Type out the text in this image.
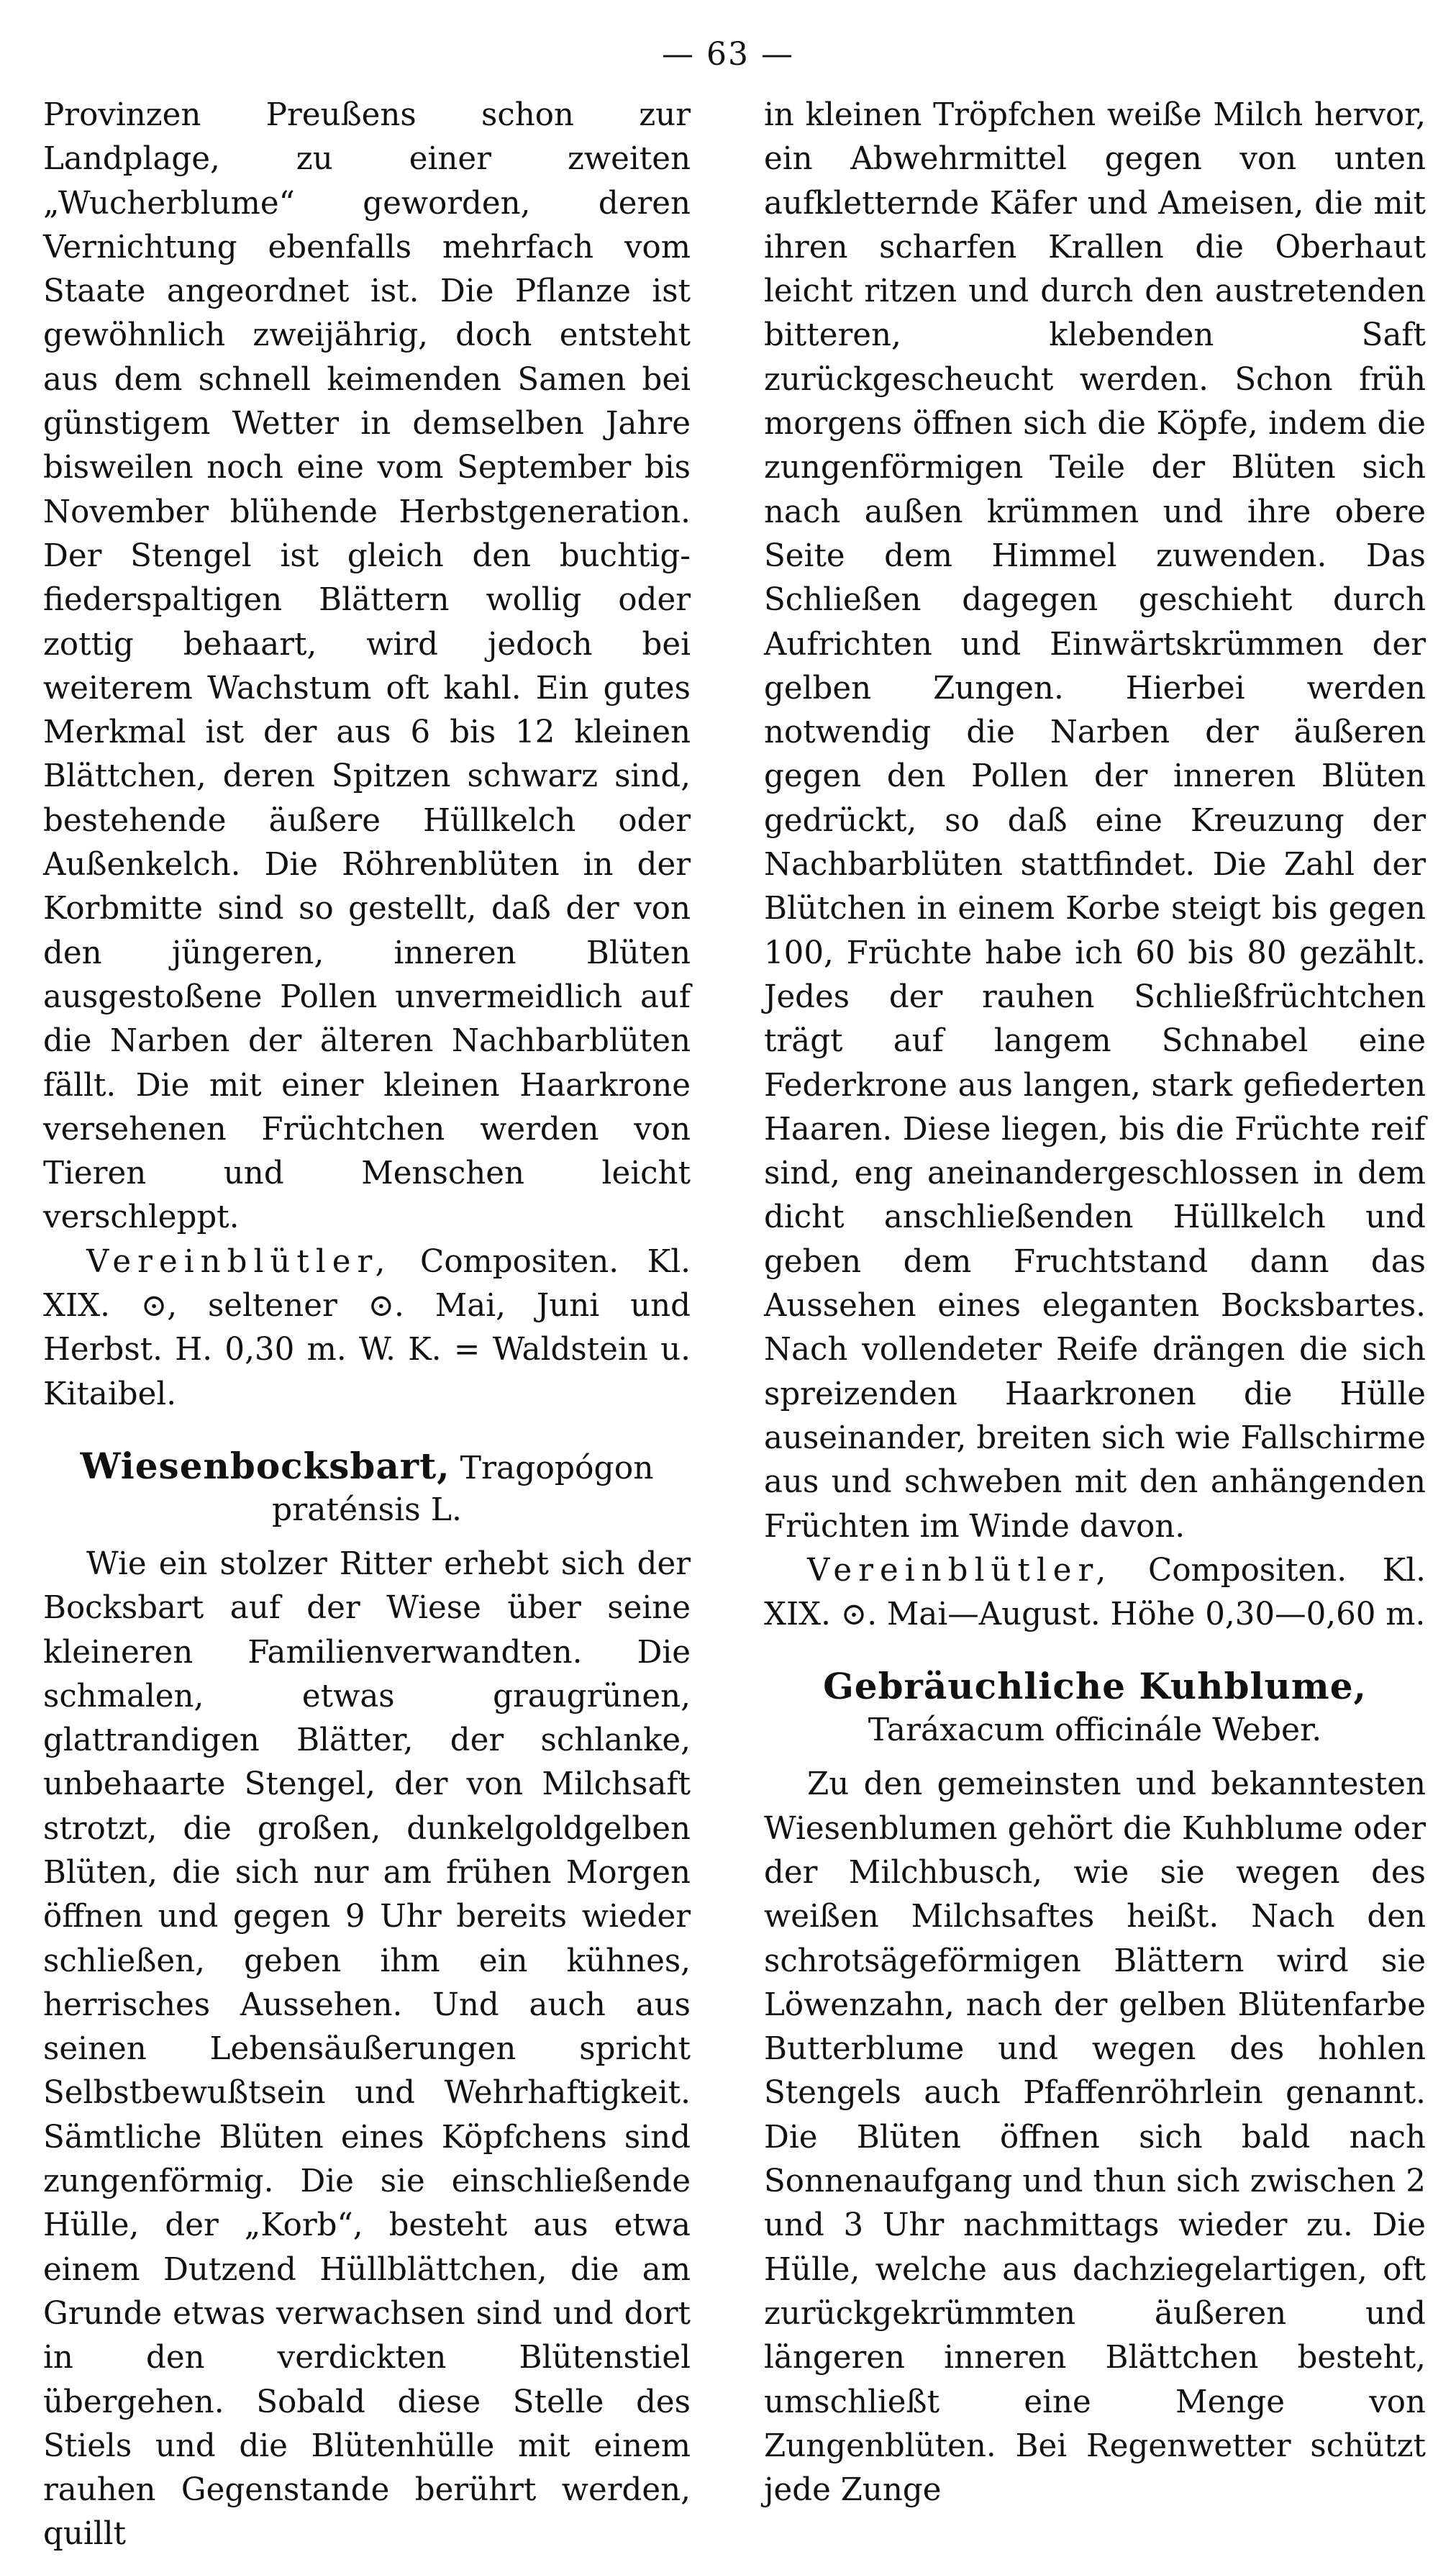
— 63 —

Provinzen Preußens schon zur Landplage, zu einer zweiten „Wucherblume“ geworden, deren Vernichtung ebenfalls mehrfach vom Staate angeordnet ist. Die Pflanze ist gewöhnlich zweijährig, doch entsteht aus dem schnell keimenden Samen bei günstigem Wetter in demselben Jahre bisweilen noch eine vom September bis November blühende Herbstgeneration. Der Stengel ist gleich den buchtig-fiederspaltigen Blättern wollig oder zottig behaart, wird jedoch bei weiterem Wachstum oft kahl. Ein gutes Merkmal ist der aus 6 bis 12 kleinen Blättchen, deren Spitzen schwarz sind, bestehende äußere Hüllkelch oder Außenkelch. Die Röhrenblüten in der Korbmitte sind so gestellt, daß der von den jüngeren, inneren Blüten ausgestoßene Pollen unvermeidlich auf die Narben der älteren Nachbarblüten fällt. Die mit einer kleinen Haarkrone versehenen Früchtchen werden von Tieren und Menschen leicht verschleppt.

Vereinblütler, Compositen. Kl. XIX. ⊙, seltener ⊙. Mai, Juni und Herbst. H. 0,30 m. W. K. = Waldstein u. Kitaibel.

Wiesenbocksbart, Tragopógon praténsis L.

Wie ein stolzer Ritter erhebt sich der Bocksbart auf der Wiese über seine kleineren Familienverwandten. Die schmalen, etwas graugrünen, glattrandigen Blätter, der schlanke, unbehaarte Stengel, der von Milchsaft strotzt, die großen, dunkelgoldgelben Blüten, die sich nur am frühen Morgen öffnen und gegen 9 Uhr bereits wieder schließen, geben ihm ein kühnes, herrisches Aussehen. Und auch aus seinen Lebensäußerungen spricht Selbstbewußtsein und Wehrhaftigkeit. Sämtliche Blüten eines Köpfchens sind zungenförmig. Die sie einschließende Hülle, der „Korb“, besteht aus etwa einem Dutzend Hüllblättchen, die am Grunde etwas verwachsen sind und dort in den verdickten Blütenstiel übergehen. Sobald diese Stelle des Stiels und die Blütenhülle mit einem rauhen Gegenstande berührt werden, quillt

in kleinen Tröpfchen weiße Milch hervor, ein Abwehrmittel gegen von unten aufkletternde Käfer und Ameisen, die mit ihren scharfen Krallen die Oberhaut leicht ritzen und durch den austretenden bitteren, klebenden Saft zurückgescheucht werden. Schon früh morgens öffnen sich die Köpfe, indem die zungenförmigen Teile der Blüten sich nach außen krümmen und ihre obere Seite dem Himmel zuwenden. Das Schließen dagegen geschieht durch Aufrichten und Einwärtskrümmen der gelben Zungen. Hierbei werden notwendig die Narben der äußeren gegen den Pollen der inneren Blüten gedrückt, so daß eine Kreuzung der Nachbarblüten stattfindet. Die Zahl der Blütchen in einem Korbe steigt bis gegen 100, Früchte habe ich 60 bis 80 gezählt. Jedes der rauhen Schließfrüchtchen trägt auf langem Schnabel eine Federkrone aus langen, stark gefiederten Haaren. Diese liegen, bis die Früchte reif sind, eng aneinandergeschlossen in dem dicht anschließenden Hüllkelch und geben dem Fruchtstand dann das Aussehen eines eleganten Bocksbartes. Nach vollendeter Reife drängen die sich spreizenden Haarkronen die Hülle auseinander, breiten sich wie Fallschirme aus und schweben mit den anhängenden Früchten im Winde davon.

Vereinblütler, Compositen. Kl. XIX. ⊙. Mai—August. Höhe 0,30—0,60 m.

Gebräuchliche Kuhblume, Taráxacum officinále Weber.

Zu den gemeinsten und bekanntesten Wiesenblumen gehört die Kuhblume oder der Milchbusch, wie sie wegen des weißen Milchsaftes heißt. Nach den schrotsägeförmigen Blättern wird sie Löwenzahn, nach der gelben Blütenfarbe Butterblume und wegen des hohlen Stengels auch Pfaffenröhrlein genannt. Die Blüten öffnen sich bald nach Sonnenaufgang und thun sich zwischen 2 und 3 Uhr nachmittags wieder zu. Die Hülle, welche aus dachziegelartigen, oft zurückgekrümmten äußeren und längeren inneren Blättchen besteht, umschließt eine Menge von Zungenblüten. Bei Regenwetter schützt jede Zunge
